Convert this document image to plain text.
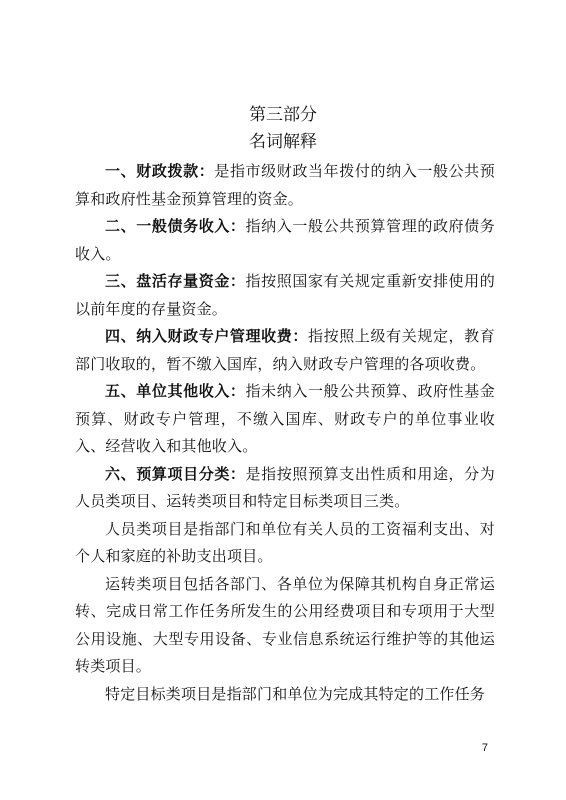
第三部分
名词解释

一、财政拨款：是指市级财政当年拨付的纳入一般公共预算和政府性基金预算管理的资金。

二、一般债务收入：指纳入一般公共预算管理的政府债务收入。

三、盘活存量资金：指按照国家有关规定重新安排使用的以前年度的存量资金。

四、纳入财政专户管理收费：指按照上级有关规定，教育部门收取的，暂不缴入国库，纳入财政专户管理的各项收费。

五、单位其他收入：指未纳入一般公共预算、政府性基金预算、财政专户管理，不缴入国库、财政专户的单位事业收入、经营收入和其他收入。

六、预算项目分类：是指按照预算支出性质和用途，分为人员类项目、运转类项目和特定目标类项目三类。

人员类项目是指部门和单位有关人员的工资福利支出、对个人和家庭的补助支出项目。

运转类项目包括各部门、各单位为保障其机构自身正常运转、完成日常工作任务所发生的公用经费项目和专项用于大型公用设施、大型专用设备、专业信息系统运行维护等的其他运转类项目。

特定目标类项目是指部门和单位为完成其特定的工作任务

7
